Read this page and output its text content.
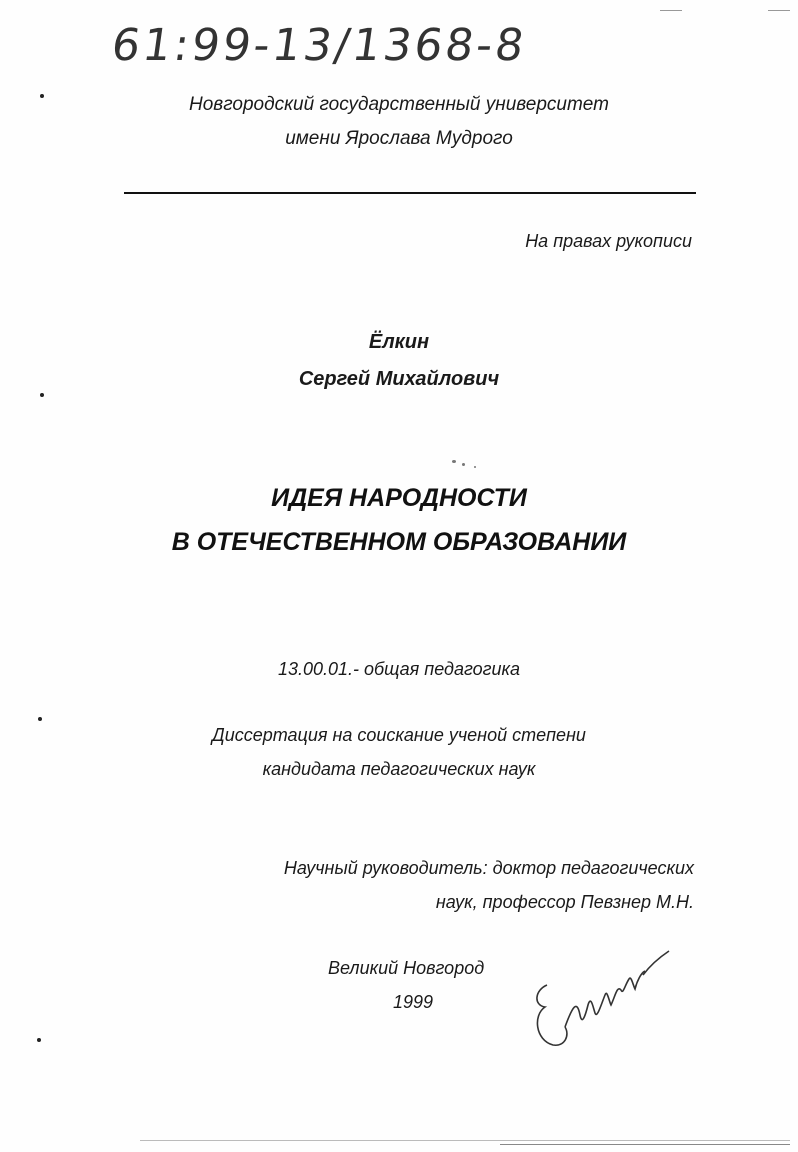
61:99-13/1368-8
Новгородский государственный университет
имени Ярослава Мудрого
На правах рукописи
Ёлкин
Сергей Михайлович
ИДЕЯ НАРОДНОСТИ
В ОТЕЧЕСТВЕННОМ ОБРАЗОВАНИИ
13.00.01.- общая педагогика
Диссертация на соискание ученой степени
кандидата педагогических наук
Научный руководитель: доктор педагогических
наук, профессор Певзнер М.Н.
Великий Новгород
1999
